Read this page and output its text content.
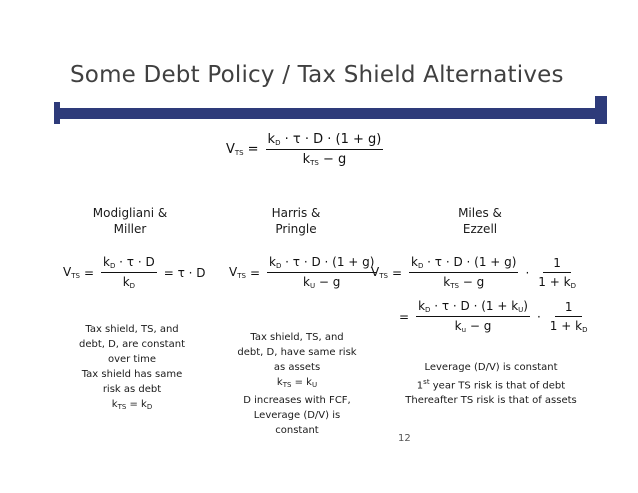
Some Debt Policy / Tax Shield Alternatives
$V_{TS} = \frac{k_D \cdot \tau \cdot D \cdot (1 + g)}{k_{TS} - g}$
Modigliani &
Miller
$V_{TS} = \frac{k_D \cdot \tau \cdot D}{k_D} = \tau \cdot D$
Tax shield, TS, and
debt, D, are constant
over time
Tax shield has same
risk as debt
$k_{TS} = k_D$
Harris &
Pringle
$V_{TS} = \frac{k_D \cdot \tau \cdot D \cdot (1 + g)}{k_U - g}$
Tax shield, TS, and
debt, D, have same risk
as assets
$k_{TS} = k_U$
D increases with FCF,
Leverage (D/V) is
constant
Miles &
Ezzell
$V_{TS} = \frac{k_D \cdot \tau \cdot D \cdot (1 + g)}{k_{TS} - g} \cdot \frac{1}{1 + k_D}$
= $\frac{k_D \cdot \tau \cdot D \cdot (1 + k_U)}{k_u - g} \cdot \frac{1}{1 + k_D}$
Leverage (D/V) is constant
1st year TS risk is that of debt
Thereafter TS risk is that of assets
12
